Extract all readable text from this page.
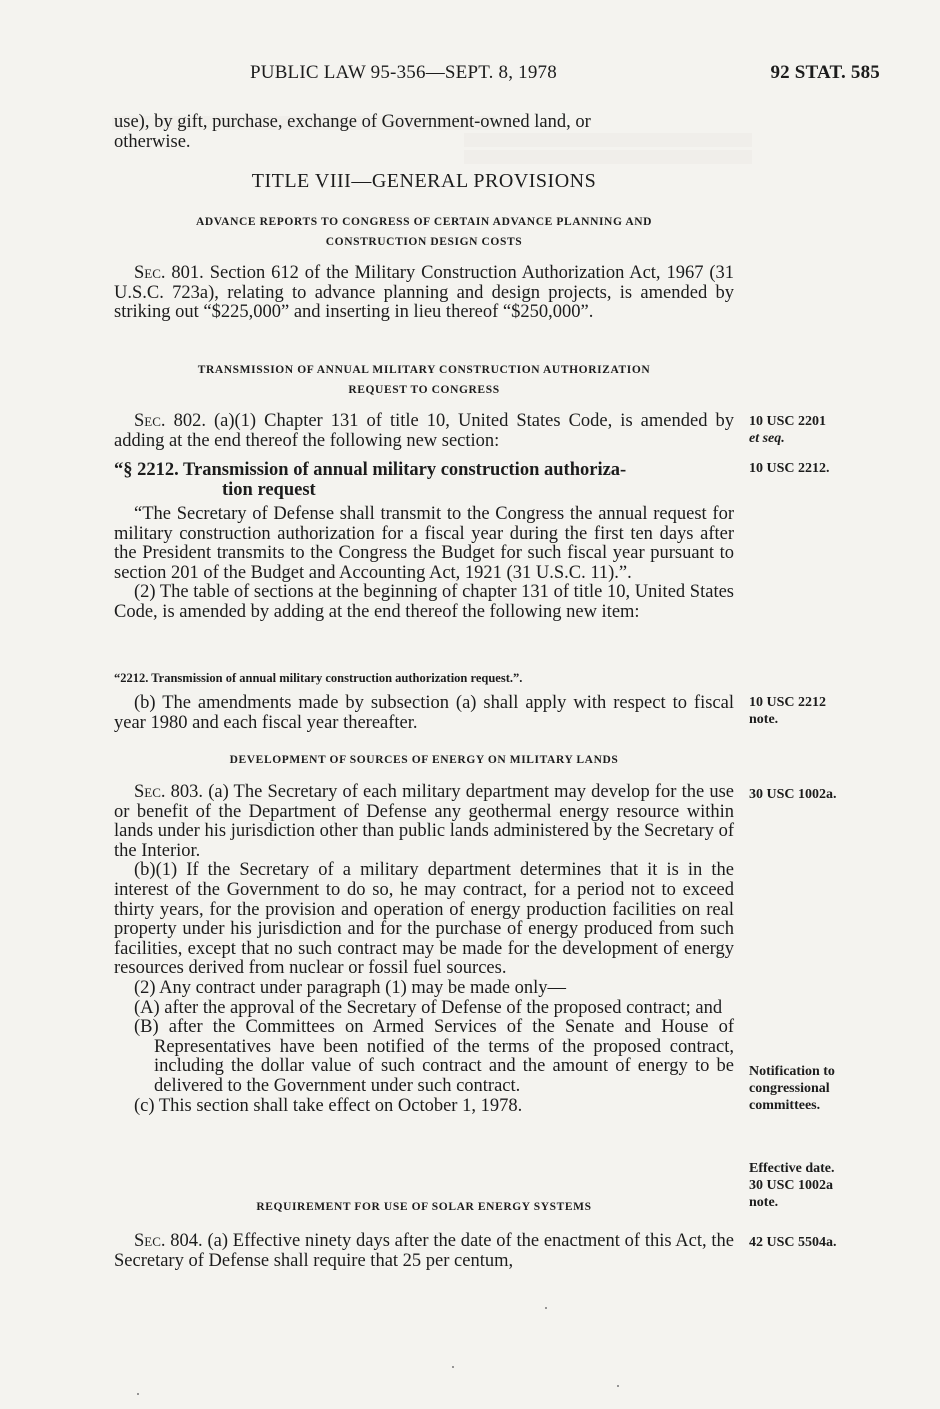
PUBLIC LAW 95-356—SEPT. 8, 1978	92 STAT. 585

use), by gift, purchase, exchange of Government-owned land, or

otherwise.

TITLE VIII—GENERAL PROVISIONS
ADVANCE REPORTS TO CONGRESS OF CERTAIN ADVANCE PLANNING AND
CONSTRUCTION DESIGN COSTS

Sec. 801. Section 612 of the Military Construction Authorization Act, 1967 (31 U.S.C. 723a), relating to advance planning and design projects, is amended by striking out “$225,000” and inserting in lieu thereof “$250,000”.

TRANSMISSION OF ANNUAL MILITARY CONSTRUCTION AUTHORIZATION
REQUEST TO CONGRESS

Sec. 802. (a)(1) Chapter 131 of title 10, United States Code, is amended by adding at the end thereof the following new section:

10 USC 2201
et seq.
“§ 2212. Transmission of annual military construction authoriza-
tion request
10 USC 2212.

“The Secretary of Defense shall transmit to the Congress the annual request for military construction authorization for a fiscal year during the first ten days after the President transmits to the Congress the Budget for such fiscal year pursuant to section 201 of the Budget and Accounting Act, 1921 (31 U.S.C. 11).”.

(2) The table of sections at the beginning of chapter 131 of title 10, United States Code, is amended by adding at the end thereof the following new item:

“2212. Transmission of annual military construction authorization request.”.

(b) The amendments made by subsection (a) shall apply with respect to fiscal year 1980 and each fiscal year thereafter.

10 USC 2212
note.
DEVELOPMENT OF SOURCES OF ENERGY ON MILITARY LANDS

Sec. 803. (a) The Secretary of each military department may develop for the use or benefit of the Department of Defense any geothermal energy resource within lands under his jurisdiction other than public lands administered by the Secretary of the Interior.

(b)(1) If the Secretary of a military department determines that it is in the interest of the Government to do so, he may contract, for a period not to exceed thirty years, for the provision and operation of energy production facilities on real property under his jurisdiction and for the purchase of energy produced from such facilities, except that no such contract may be made for the development of energy resources derived from nuclear or fossil fuel sources.

(2) Any contract under paragraph (1) may be made only—

(A) after the approval of the Secretary of Defense of the proposed contract; and

(B) after the Committees on Armed Services of the Senate and House of Representatives have been notified of the terms of the proposed contract, including the dollar value of such contract and the amount of energy to be delivered to the Government under such contract.

(c) This section shall take effect on October 1, 1978.

30 USC 1002a.
Notification to
congressional
committees.
Effective date.
30 USC 1002a
note.
REQUIREMENT FOR USE OF SOLAR ENERGY SYSTEMS

Sec. 804. (a) Effective ninety days after the date of the enactment of this Act, the Secretary of Defense shall require that 25 per centum,

42 USC 5504a.
